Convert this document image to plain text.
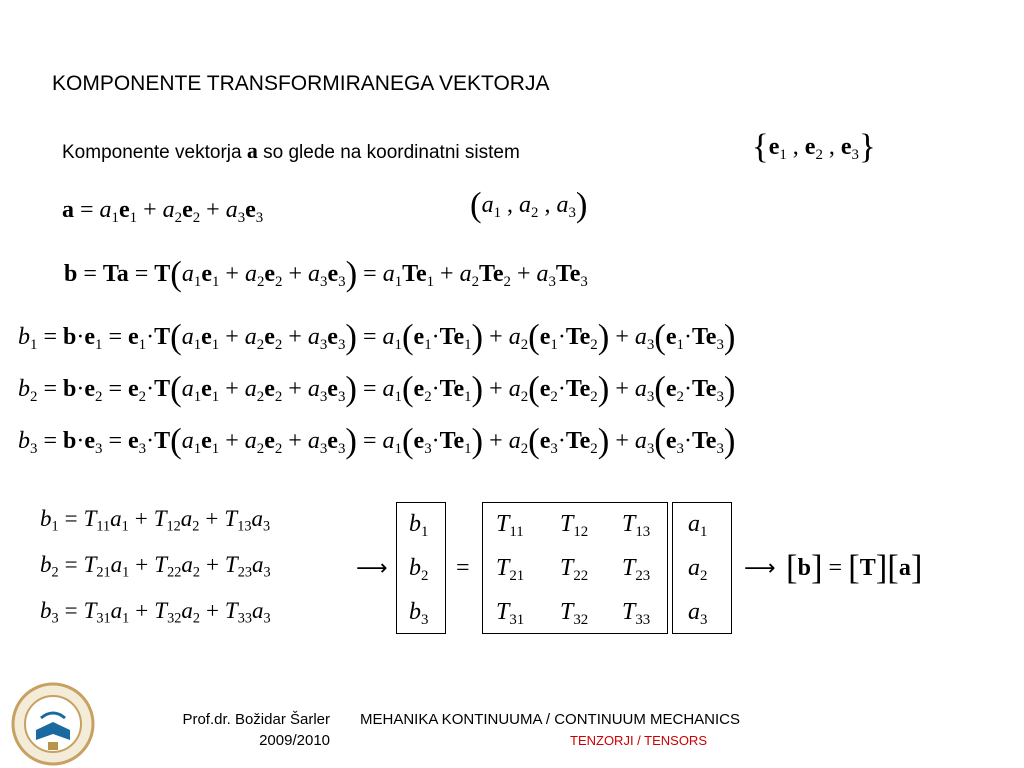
KOMPONENTE TRANSFORMIRANEGA VEKTORJA
Komponente vektorja a so glede na koordinatni sistem	{$e_1$ , $e_2$ , $e_3$}
$a = a_1e_1 + a_2e_2 + a_3e_3$	($a_1$ , $a_2$ , $a_3$)
$b = Ta = T(a_1e_1 + a_2e_2 + a_3e_3) = a_1Te_1 + a_2Te_2 + a_3Te_3$
$b_1 = b\cdot e_1 = e_1\cdot T(a_1e_1 + a_2e_2 + a_3e_3) = a_1(e_1\cdot Te_1) + a_2(e_1\cdot Te_2) + a_3(e_1\cdot Te_3)$
$b_2 = b\cdot e_2 = e_2\cdot T(a_1e_1 + a_2e_2 + a_3e_3) = a_1(e_2\cdot Te_1) + a_2(e_2\cdot Te_2) + a_3(e_2\cdot Te_3)$
$b_3 = b\cdot e_3 = e_3\cdot T(a_1e_1 + a_2e_2 + a_3e_3) = a_1(e_3\cdot Te_1) + a_2(e_3\cdot Te_2) + a_3(e_3\cdot Te_3)$
$b_1 = T_{11}a_1 + T_{12}a_2 + T_{13}a_3$
$b_2 = T_{21}a_1 + T_{22}a_2 + T_{23}a_3$
$b_3 = T_{31}a_1 + T_{32}a_2 + T_{33}a_3$
⟶
$b_1$
$b_2$
$b_3$
=
$T_{11}$ $T_{12}$ $T_{13}$
$T_{21}$ $T_{22}$ $T_{23}$
$T_{31}$ $T_{32}$ $T_{33}$
$a_1$
$a_2$
$a_3$
⟶ [b] = [T][a]
Prof.dr. Božidar Šarler
2009/2010
MEHANIKA KONTINUUMA / CONTINUUM MECHANICS
TENZORJI / TENSORS
